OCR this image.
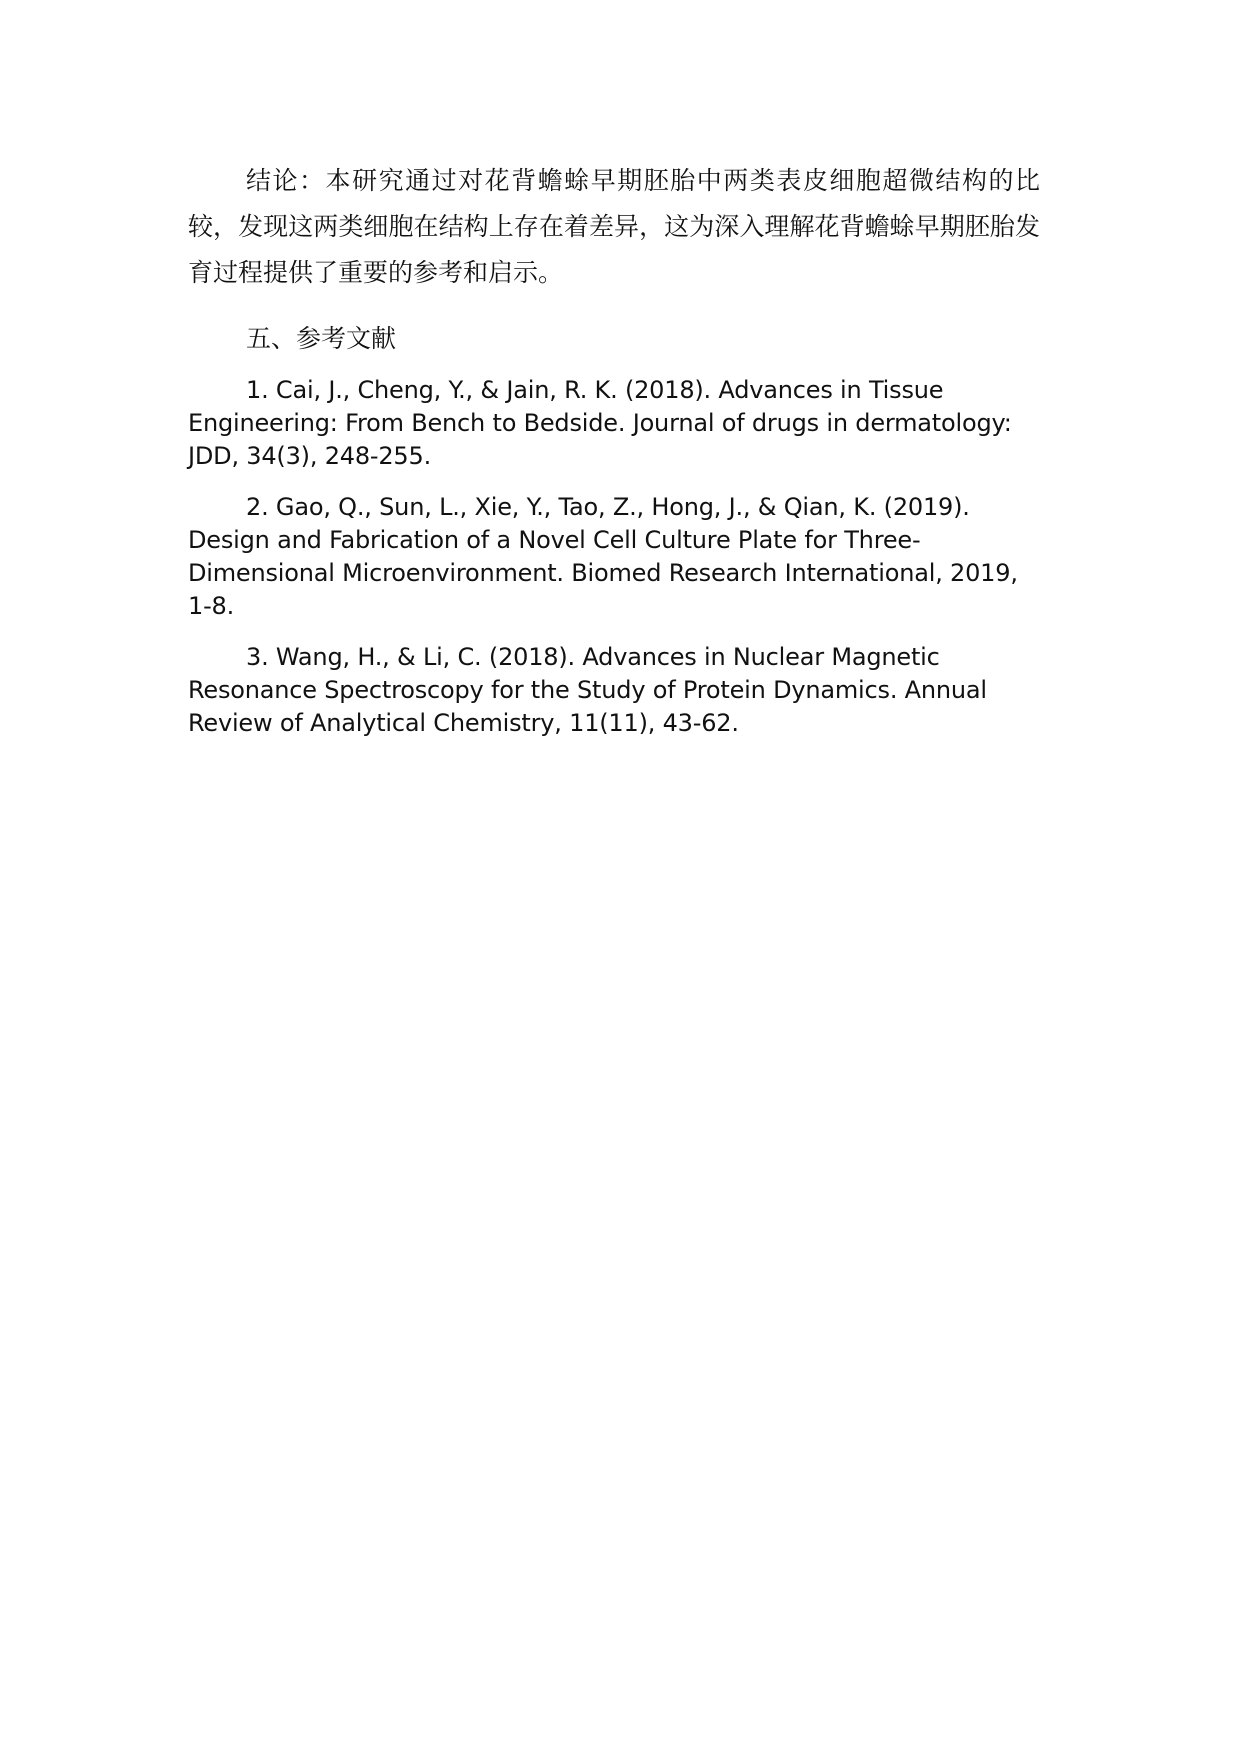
结论：本研究通过对花背蟾蜍早期胚胎中两类表皮细胞超微结构的比较，发现这两类细胞在结构上存在着差异，这为深入理解花背蟾蜍早期胚胎发育过程提供了重要的参考和启示。

五、参考文献

1. Cai, J., Cheng, Y., & Jain, R. K. (2018). Advances in Tissue Engineering: From Bench to Bedside. Journal of drugs in dermatology: JDD, 34(3), 248-255.

2. Gao, Q., Sun, L., Xie, Y., Tao, Z., Hong, J., & Qian, K. (2019). Design and Fabrication of a Novel Cell Culture Plate for Three-Dimensional Microenvironment. Biomed Research International, 2019, 1-8.

3. Wang, H., & Li, C. (2018). Advances in Nuclear Magnetic Resonance Spectroscopy for the Study of Protein Dynamics. Annual Review of Analytical Chemistry, 11(11), 43-62.
